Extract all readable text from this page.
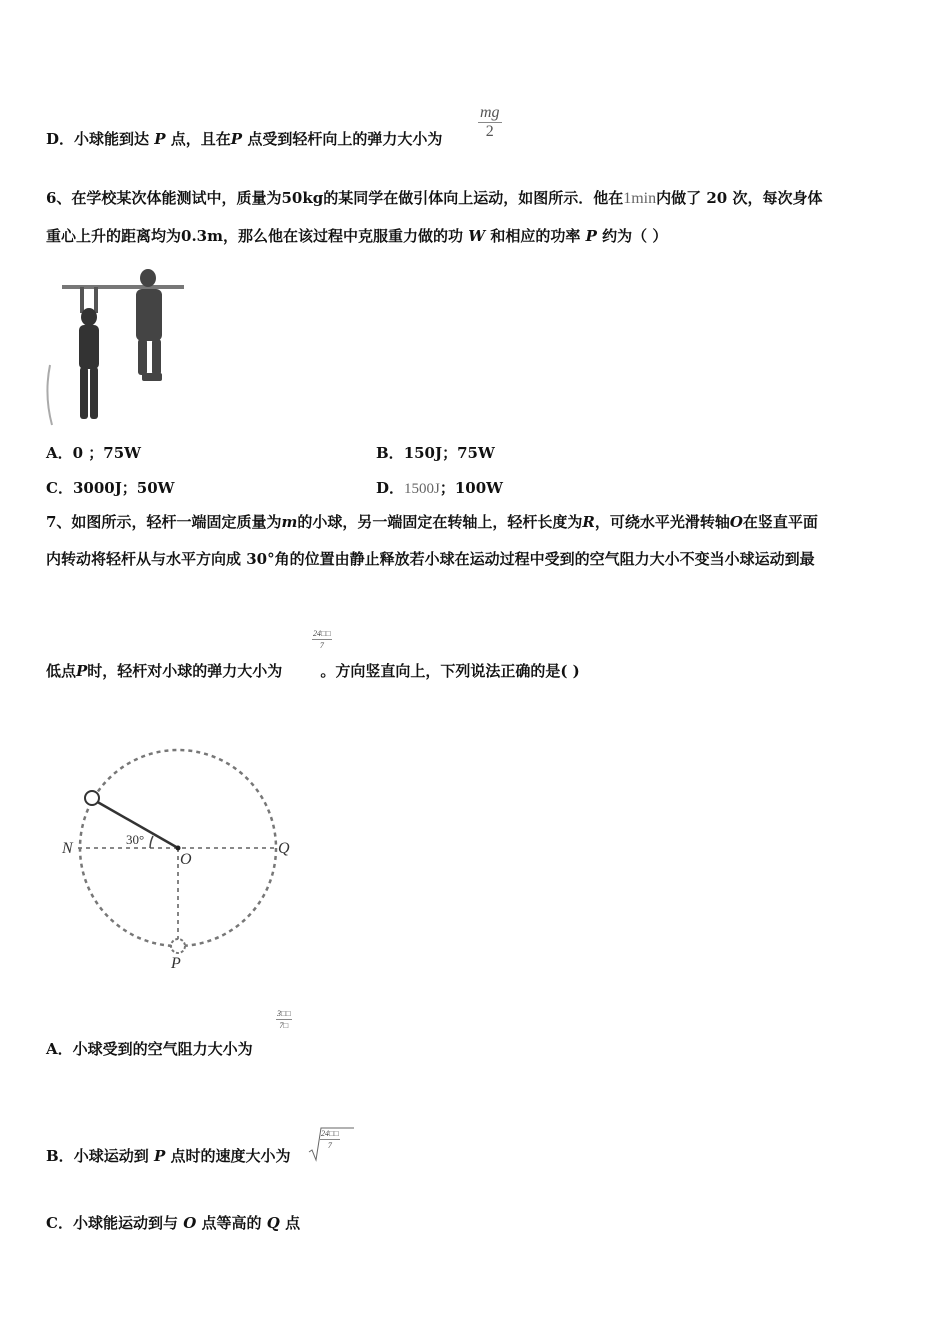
D．小球能到达 P 点，且在P 点受到轻杆向上的弹力大小为 $\frac{mg}{2}$
6、在学校某次体能测试中，质量为50kg的某同学在做引体向上运动，如图所示．他在1min内做了 20 次，每次身体
重心上升的距离均为0.3m，那么他在该过程中克服重力做的功 W 和相应的功率 P 约为（ ）
A．0 ；75W	B．150J；75W
C．3000J；50W	D．1500J；100W
7、如图所示，轻杆一端固定质量为m的小球，另一端固定在转轴上，轻杆长度为R，可绕水平光滑转轴O在竖直平面
内转动将轻杆从与水平方向成 30°角的位置由静止释放若小球在运动过程中受到的空气阻力大小不变当小球运动到最
$\frac{24□□}{7}$
低点P时，轻杆对小球的弹力大小为	。方向竖直向上，下列说法正确的是( )
N	Q
O
P
30°
$\frac{3□□}{7□}$
A．小球受到的空气阻力大小为
B．小球运动到 P 点时的速度大小为
$\frac{24□□}{7}$
C．小球能运动到与 O 点等高的 Q 点
